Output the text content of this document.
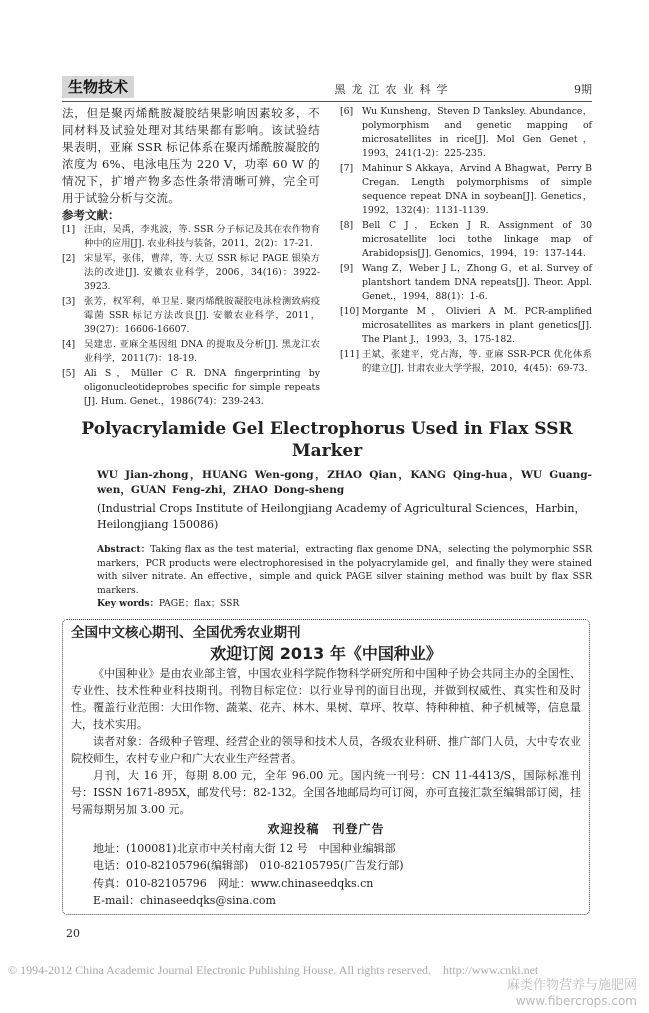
生物技术	黑龙江农业科学	9期

法，但是聚丙烯酰胺凝胶结果影响因素较多，不同材料及试验处理对其结果都有影响。该试验结果表明，亚麻 SSR 标记体系在聚丙烯酰胺凝胶的浓度为 6%、电泳电压为 220 V，功率 60 W 的情况下，扩增产物多态性条带清晰可辨，完全可用于试验分析与交流。

参考文献：
[1] 汪由，吴禹，李兆波，等. SSR 分子标记及其在农作物育种中的应用[J]. 农业科技与装备，2011，2(2)：17-21.
[2] 宋显军，张伟，曹萍，等. 大豆 SSR 标记 PAGE 银染方法的改进[J]. 安徽农业科学，2006，34(16)：3922-3923.
[3] 张芳，权军利，单卫星. 聚丙烯酰胺凝胶电泳检测致病疫霉菌 SSR 标记方法改良[J]. 安徽农业科学，2011，39(27)：16606-16607.
[4] 吴建忠. 亚麻全基因组 DNA 的提取及分析[J]. 黑龙江农业科学，2011(7)：18-19.
[5] Ali S，Müller C R. DNA fingerprinting by oligonucleotideprobes specific for simple repeats [J]. Hum. Genet.，1986(74)：239-243.
[6] Wu Kunsheng，Steven D Tanksley. Abundance，polymorphism and genetic mapping of microsatellites in rice[J]. Mol Gen Genet，1993，241(1-2)：225-235.
[7] Mahinur S Akkaya，Arvind A Bhagwat，Perry B Cregan. Length polymorphisms of simple sequence repeat DNA in soybean[J]. Genetics，1992，132(4)：1131-1139.
[8] Bell C J，Ecken J R. Assignment of 30 microsatellite loci tothe linkage map of Arabidopsis[J]. Genomics，1994，19：137-144.
[9] Wang Z，Weber J L，Zhong G，et al. Survey of plantshort tandem DNA repeats[J]. Theor. Appl. Genet.，1994，88(1)：1-6.
[10] Morgante M，Olivieri A M. PCR-amplified microsatellites as markers in plant genetics[J]. The Plant J.，1993，3，175-182.
[11] 王斌，张建平，党占海，等. 亚麻 SSR-PCR 优化体系的建立[J]. 甘肃农业大学学报，2010，4(45)：69-73.
Polyacrylamide Gel Electrophorus Used in Flax SSR Marker
WU Jian-zhong，HUANG Wen-gong，ZHAO Qian，KANG Qing-hua，WU Guang-wen，GUAN Feng-zhi，ZHAO Dong-sheng
(Industrial Crops Institute of Heilongjiang Academy of Agricultural Sciences，Harbin，Heilongjiang 150086)
Abstract：Taking flax as the test material，extracting flax genome DNA，selecting the polymorphic SSR markers，PCR products were electrophoresised in the polyacrylamide gel，and finally they were stained with silver nitrate. An effective，simple and quick PAGE silver staining method was built by flax SSR markers.
Key words：PAGE；flax；SSR
全国中文核心期刊、全国优秀农业期刊
欢迎订阅 2013 年《中国种业》
《中国种业》是由农业部主管，中国农业科学院作物科学研究所和中国种子协会共同主办的全国性、专业性、技术性种业科技期刊。刊物目标定位：以行业导刊的面目出现，并做到权威性、真实性和及时性。覆盖行业范围：大田作物、蔬菜、花卉、林木、果树、草坪、牧草、特种种植、种子机械等，信息量大，技术实用。
读者对象：各级种子管理、经营企业的领导和技术人员，各级农业科研、推广部门人员，大中专农业院校师生，农村专业户和广大农业生产经营者。
月刊，大 16 开，每期 8.00 元，全年 96.00 元。国内统一刊号：CN 11-4413/S，国际标准刊号：ISSN 1671-895X，邮发代号：82-132。全国各地邮局均可订阅，亦可直接汇款至编辑部订阅，挂号需每期另加 3.00 元。
欢迎投稿　刊登广告
地址：(100081)北京市中关村南大街 12 号　中国种业编辑部
电话：010-82105796(编辑部)　010-82105795(广告发行部)
传真：010-82105796　网址：www.chinaseedqks.cn
E-mail：chinaseedqks@sina.com
20
© 1994-2012 China Academic Journal Electronic Publishing House. All rights reserved.　http://www.cnki.net
麻类作物营养与施肥网
www.fibercrops.com
